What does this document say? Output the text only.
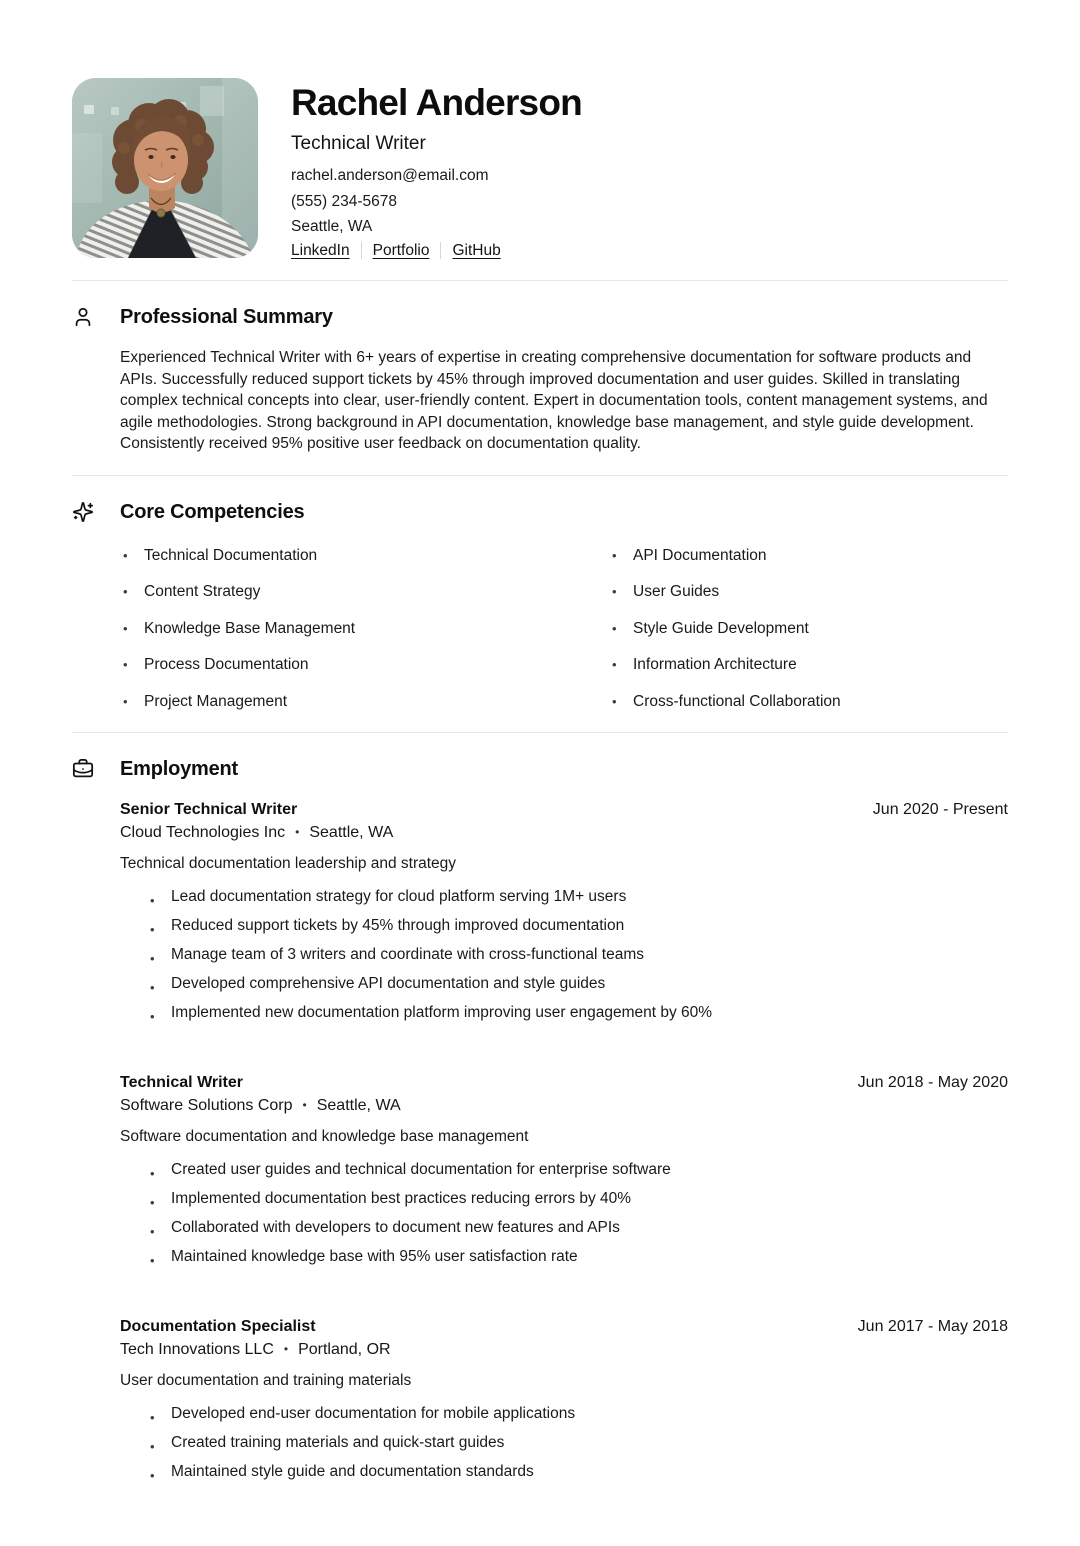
Rachel Anderson
Technical Writer
rachel.anderson@email.com
(555) 234-5678
Seattle, WA
LinkedIn Portfolio GitHub
Professional Summary

Experienced Technical Writer with 6+ years of expertise in creating comprehensive documentation for software products and APIs. Successfully reduced support tickets by 45% through improved documentation and user guides. Skilled in translating complex technical concepts into clear, user-friendly content. Expert in documentation tools, content management systems, and agile methodologies. Strong background in API documentation, knowledge base management, and style guide development. Consistently received 95% positive user feedback on documentation quality.

Core Competencies
• Technical Documentation
• Content Strategy
• Knowledge Base Management
• Process Documentation
• Project Management
• API Documentation
• User Guides
• Style Guide Development
• Information Architecture
• Cross-functional Collaboration
Employment
Senior Technical Writer
Cloud Technologies Inc • Seattle, WA
Jun 2020 - Present
Technical documentation leadership and strategy
• Lead documentation strategy for cloud platform serving 1M+ users
• Reduced support tickets by 45% through improved documentation
• Manage team of 3 writers and coordinate with cross-functional teams
• Developed comprehensive API documentation and style guides
• Implemented new documentation platform improving user engagement by 60%
Technical Writer
Software Solutions Corp • Seattle, WA
Jun 2018 - May 2020
Software documentation and knowledge base management
• Created user guides and technical documentation for enterprise software
• Implemented documentation best practices reducing errors by 40%
• Collaborated with developers to document new features and APIs
• Maintained knowledge base with 95% user satisfaction rate
Documentation Specialist
Tech Innovations LLC • Portland, OR
Jun 2017 - May 2018
User documentation and training materials
• Developed end-user documentation for mobile applications
• Created training materials and quick-start guides
• Maintained style guide and documentation standards
